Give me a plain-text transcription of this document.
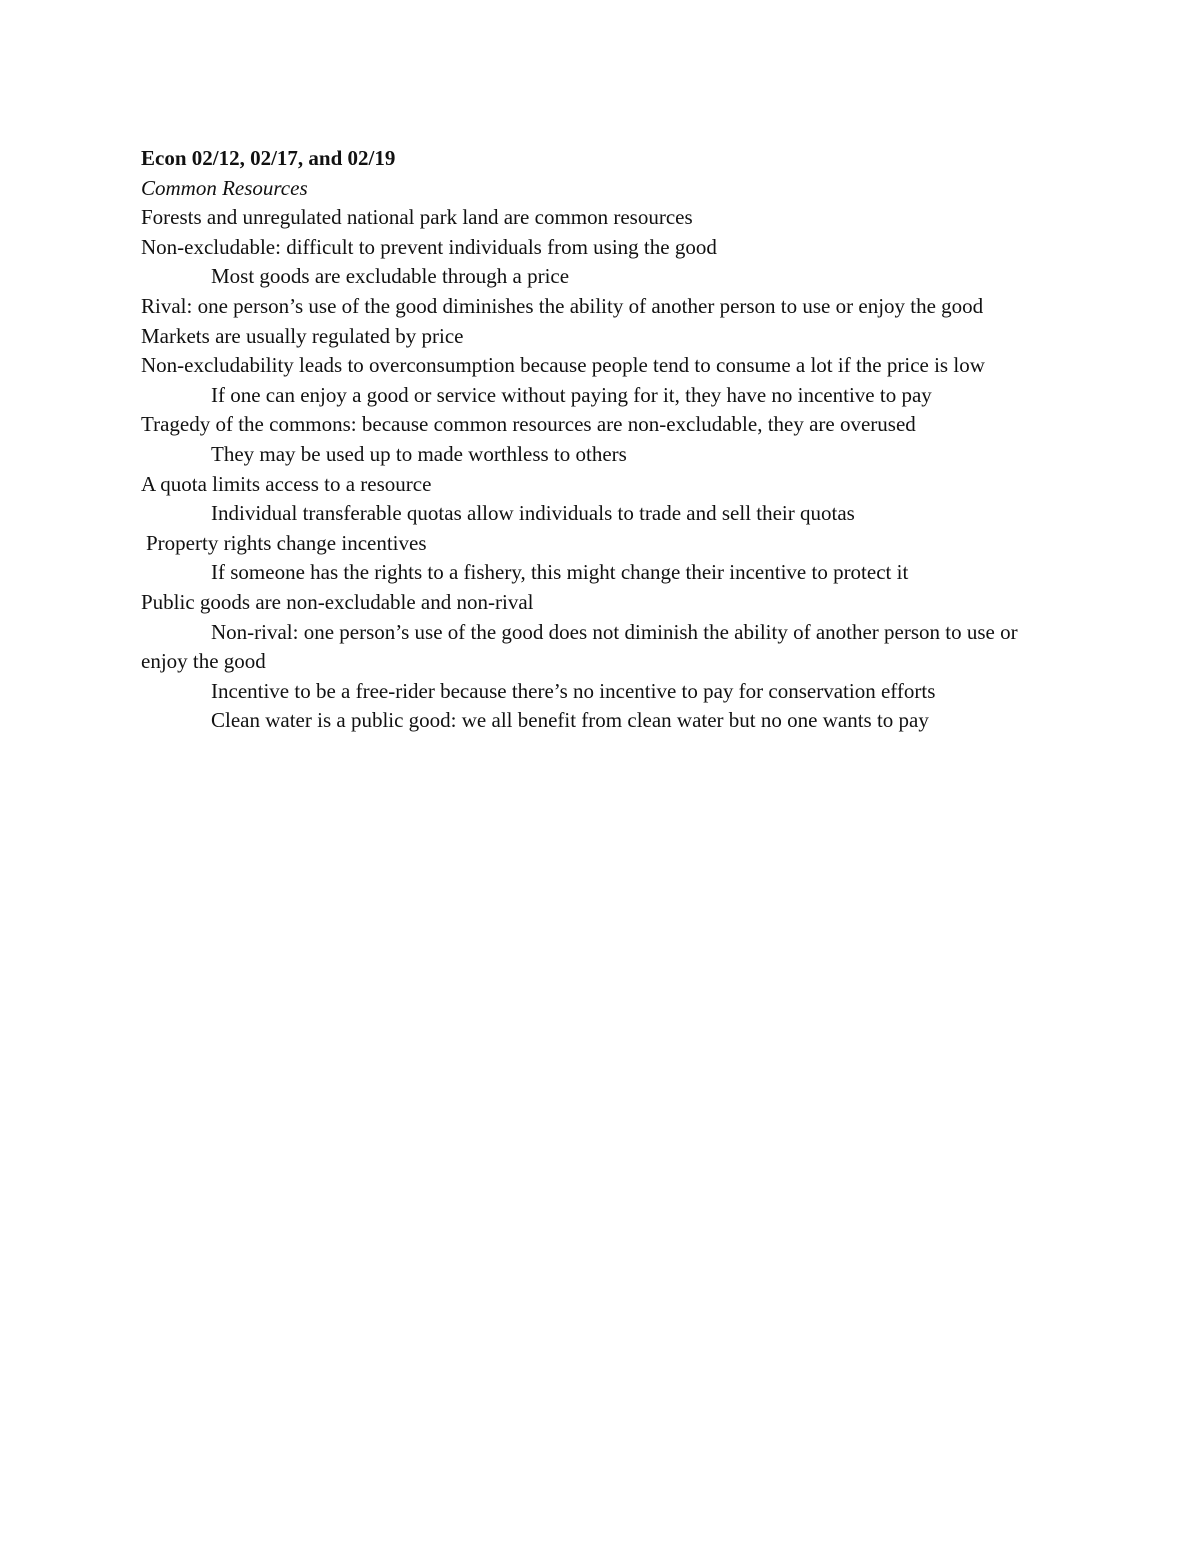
Econ 02/12, 02/17, and 02/19
Common Resources
Forests and unregulated national park land are common resources
Non-excludable: difficult to prevent individuals from using the good
Most goods are excludable through a price
Rival: one person’s use of the good diminishes the ability of another person to use or enjoy the good
Markets are usually regulated by price
Non-excludability leads to overconsumption because people tend to consume a lot if the price is low
If one can enjoy a good or service without paying for it, they have no incentive to pay
Tragedy of the commons: because common resources are non-excludable, they are overused
They may be used up to made worthless to others
A quota limits access to a resource
Individual transferable quotas allow individuals to trade and sell their quotas
Property rights change incentives
If someone has the rights to a fishery, this might change their incentive to protect it
Public goods are non-excludable and non-rival
Non-rival: one person’s use of the good does not diminish the ability of another person to use or enjoy the good
Incentive to be a free-rider because there’s no incentive to pay for conservation efforts
Clean water is a public good: we all benefit from clean water but no one wants to pay
